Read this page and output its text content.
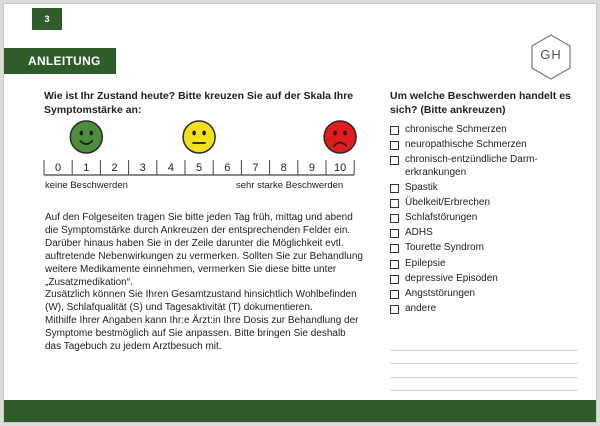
3
ANLEITUNG	GH
Wie ist Ihr Zustand heute? Bitte kreuzen Sie auf der Skala Ihre Symptomstärke an:
0 1 2 3 4 5 6 7 8 9 10
keine Beschwerden	sehr starke Beschwerden

Auf den Folgeseiten tragen Sie bitte jeden Tag früh, mittag und abend die Symptomstärke durch Ankreuzen der entsprechenden Felder ein. Darüber hinaus haben Sie in der Zeile darunter die Möglichkeit evtl. auftretende Nebenwirkungen zu vermerken. Sollten Sie zur Behandlung weitere Medikamente einnehmen, vermerken Sie diese bitte unter „Zusatzmedikation“.

Zusätzlich können Sie Ihren Gesamtzustand hinsichtlich Wohlbefinden (W), Schlafqualität (S) und Tagesaktivität (T) dokumentieren.

Mithilfe Ihrer Angaben kann Ihr:e Ärzt:in Ihre Dosis zur Behandlung der Symptome bestmöglich auf Sie anpassen. Bitte bringen Sie deshalb das Tagebuch zu jedem Arztbesuch mit.

Um welche Beschwerden handelt es sich? (Bitte ankreuzen)
chronische Schmerzen
neuropathische Schmerzen
chronisch-entzündliche Darm-
erkrankungen
Spastik
Übelkeit/Erbrechen
Schlafstörungen
ADHS
Tourette Syndrom
Epilepsie
depressive Episoden
Angststörungen
andere
